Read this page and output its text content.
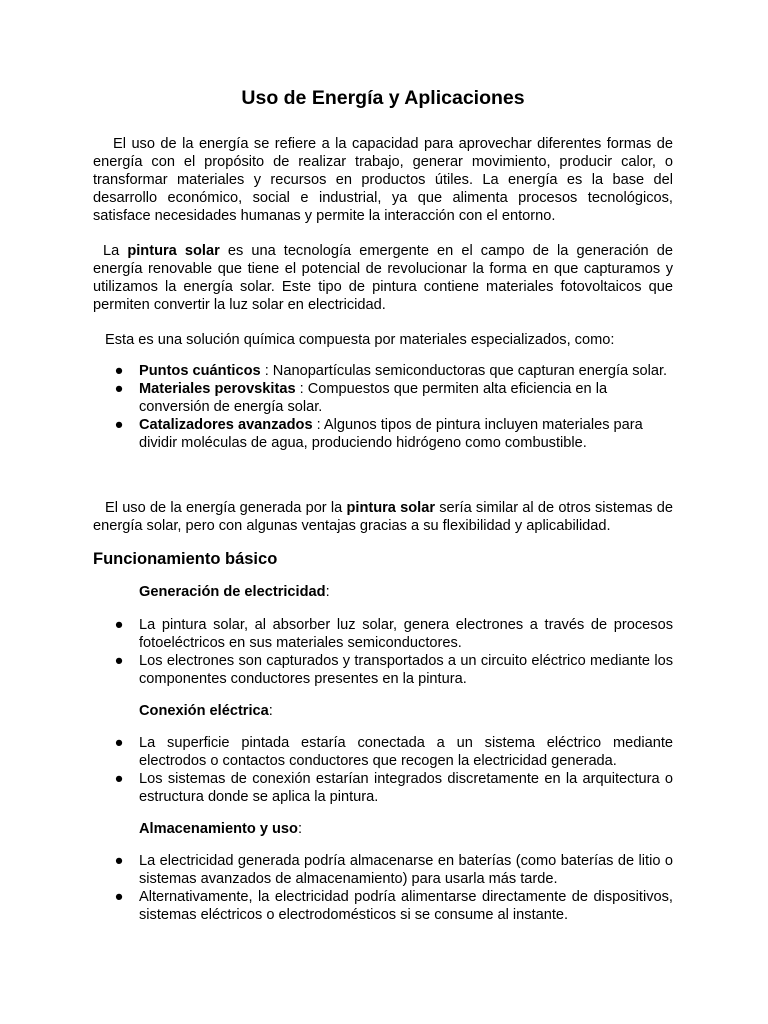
Uso de Energía y Aplicaciones

El uso de la energía se refiere a la capacidad para aprovechar diferentes formas de energía con el propósito de realizar trabajo, generar movimiento, producir calor, o transformar materiales y recursos en productos útiles. La energía es la base del desarrollo económico, social e industrial, ya que alimenta procesos tecnológicos, satisface necesidades humanas y permite la interacción con el entorno.

La pintura solar es una tecnología emergente en el campo de la generación de energía renovable que tiene el potencial de revolucionar la forma en que capturamos y utilizamos la energía solar. Este tipo de pintura contiene materiales fotovoltaicos que permiten convertir la luz solar en electricidad.

Esta es una solución química compuesta por materiales especializados, como:

● Puntos cuánticos : Nanopartículas semiconductoras que capturan energía solar.
● Materiales perovskitas : Compuestos que permiten alta eficiencia en la conversión de energía solar.
● Catalizadores avanzados : Algunos tipos de pintura incluyen materiales para dividir moléculas de agua, produciendo hidrógeno como combustible.

El uso de la energía generada por la pintura solar sería similar al de otros sistemas de energía solar, pero con algunas ventajas gracias a su flexibilidad y aplicabilidad.

Funcionamiento básico
Generación de electricidad:
● La pintura solar, al absorber luz solar, genera electrones a través de procesos fotoeléctricos en sus materiales semiconductores.
● Los electrones son capturados y transportados a un circuito eléctrico mediante los componentes conductores presentes en la pintura.
Conexión eléctrica:
● La superficie pintada estaría conectada a un sistema eléctrico mediante electrodos o contactos conductores que recogen la electricidad generada.
● Los sistemas de conexión estarían integrados discretamente en la arquitectura o estructura donde se aplica la pintura.
Almacenamiento y uso:
● La electricidad generada podría almacenarse en baterías (como baterías de litio o sistemas avanzados de almacenamiento) para usarla más tarde.
● Alternativamente, la electricidad podría alimentarse directamente de dispositivos, sistemas eléctricos o electrodomésticos si se consume al instante.
